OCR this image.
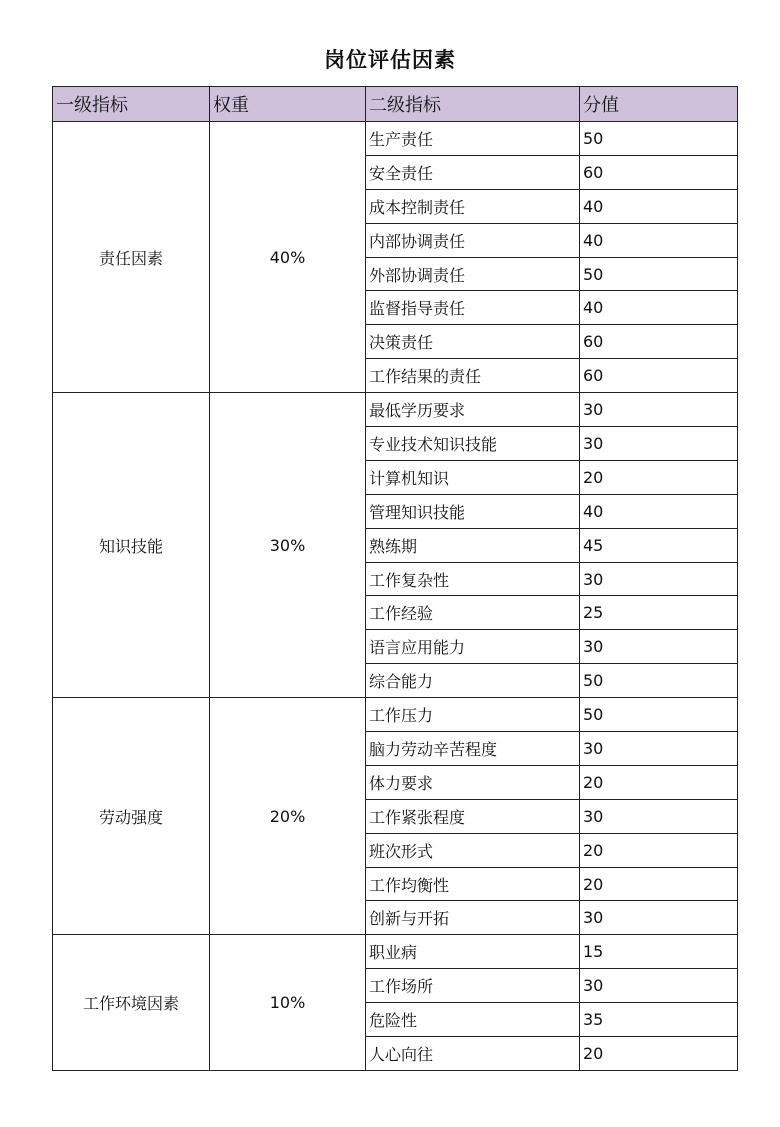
岗位评估因素
一级指标	权重	二级指标	分值
责任因素	40%	生产责任	50
		安全责任	60
		成本控制责任	40
		内部协调责任	40
		外部协调责任	50
		监督指导责任	40
		决策责任	60
		工作结果的责任	60
知识技能	30%	最低学历要求	30
		专业技术知识技能	30
		计算机知识	20
		管理知识技能	40
		熟练期	45
		工作复杂性	30
		工作经验	25
		语言应用能力	30
		综合能力	50
劳动强度	20%	工作压力	50
		脑力劳动辛苦程度	30
		体力要求	20
		工作紧张程度	30
		班次形式	20
		工作均衡性	20
		创新与开拓	30
工作环境因素	10%	职业病	15
		工作场所	30
		危险性	35
		人心向往	20
